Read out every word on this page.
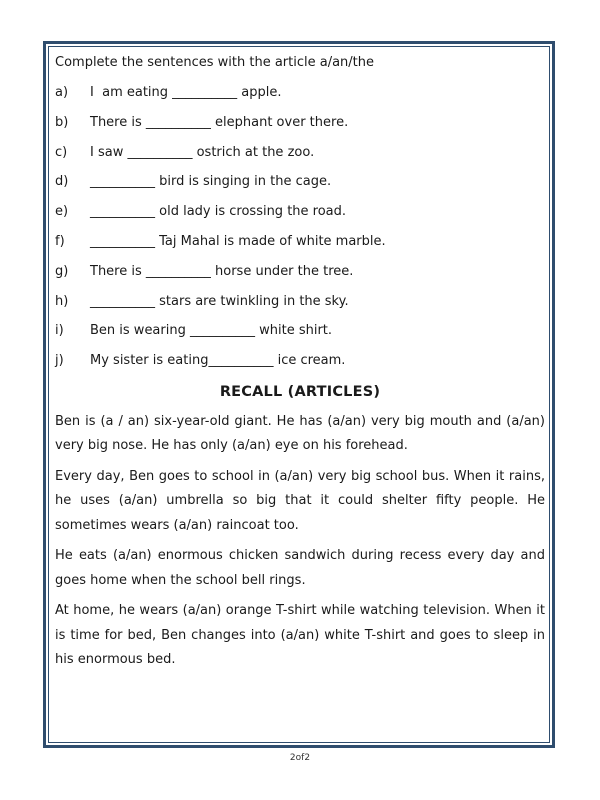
Complete the sentences with the article a/an/the
a)	I  am eating __________ apple.
b)	There is __________ elephant over there.
c)	I saw __________ ostrich at the zoo.
d)	__________ bird is singing in the cage.
e)	__________ old lady is crossing the road.
f)	__________ Taj Mahal is made of white marble.
g)	There is __________ horse under the tree.
h)	__________ stars are twinkling in the sky.
i)	Ben is wearing __________ white shirt.
j)	My sister is eating__________ ice cream.
RECALL (ARTICLES)

Ben is (a / an) six-year-old giant. He has (a/an) very big mouth and (a/an) very big nose. He has only (a/an) eye on his forehead.

Every day, Ben goes to school in (a/an) very big school bus. When it rains, he uses (a/an) umbrella so big that it could shelter fifty people. He sometimes wears (a/an) raincoat too.

He eats (a/an) enormous chicken sandwich during recess every day and goes home when the school bell rings.

At home, he wears (a/an) orange T-shirt while watching television. When it is time for bed, Ben changes into (a/an) white T-shirt and goes to sleep in his enormous bed.

2of2
